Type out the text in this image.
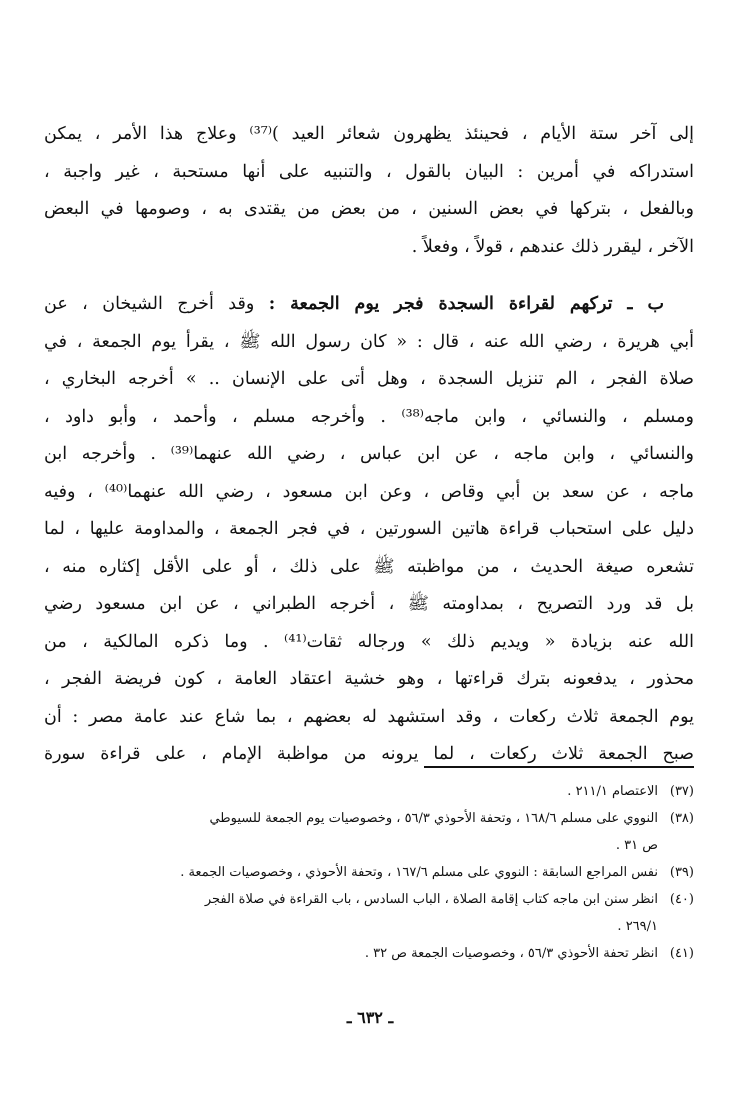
إلى آخر ستة الأيام ، فحينئذ يظهرون شعائر العيد )⁽³⁷⁾ وعلاج هذا الأمر ، يمكن
استدراكه في أمرين : البيان بالقول ، والتنبيه على أنها مستحبة ، غير واجبة ،
وبالفعل ، بتركها في بعض السنين ، من بعض من يقتدى به ، وصومها في البعض
الآخر ، ليقرر ذلك عندهم ، قولاً ، وفعلاً .
ب ـ تركهم لقراءة السجدة فجر يوم الجمعة : وقد أخرج الشيخان ، عن
أبي هريرة ، رضي الله عنه ، قال : « كان رسول الله ﷺ ، يقرأ يوم الجمعة ، في
صلاة الفجر ، الم تنزيل السجدة ، وهل أتى على الإنسان .. » أخرجه البخاري ،
ومسلم ، والنسائي ، وابن ماجه⁽³⁸⁾ . وأخرجه مسلم ، وأحمد ، وأبو داود ،
والنسائي ، وابن ماجه ، عن ابن عباس ، رضي الله عنهما⁽³⁹⁾ . وأخرجه ابن
ماجه ، عن سعد بن أبي وقاص ، وعن ابن مسعود ، رضي الله عنهما⁽⁴⁰⁾ ، وفيه
دليل على استحباب قراءة هاتين السورتين ، في فجر الجمعة ، والمداومة عليها ، لما
تشعره صيغة الحديث ، من مواظبته ﷺ على ذلك ، أو على الأقل إكثاره منه ،
بل قد ورد التصريح ، بمداومته ﷺ ، أخرجه الطبراني ، عن ابن مسعود رضي
الله عنه بزيادة « ويديم ذلك » ورجاله ثقات⁽⁴¹⁾ . وما ذكره المالكية ، من
محذور ، يدفعونه بترك قراءتها ، وهو خشية اعتقاد العامة ، كون فريضة الفجر ،
يوم الجمعة ثلاث ركعات ، وقد استشهد له بعضهم ، بما شاع عند عامة مصر : أن
صبح الجمعة ثلاث ركعات ، لما يرونه من مواظبة الإمام ، على قراءة سورة
(٣٧)
الاعتصام ٢١١/١ .
(٣٨)
النووي على مسلم ١٦٨/٦ ، وتحفة الأحوذي ٥٦/٣ ، وخصوصيات يوم الجمعة للسيوطي
ص ٣١ .
(٣٩)
نفس المراجع السابقة : النووي على مسلم ١٦٧/٦ ، وتحفة الأحوذي ، وخصوصيات الجمعة .
(٤٠)
انظر سنن ابن ماجه كتاب إقامة الصلاة ، الباب السادس ، باب القراءة في صلاة الفجر
٢٦٩/١ .
(٤١)
انظر تحفة الأحوذي ٥٦/٣ ، وخصوصيات الجمعة ص ٣٢ .
ـ ٦٣٢ ـ
